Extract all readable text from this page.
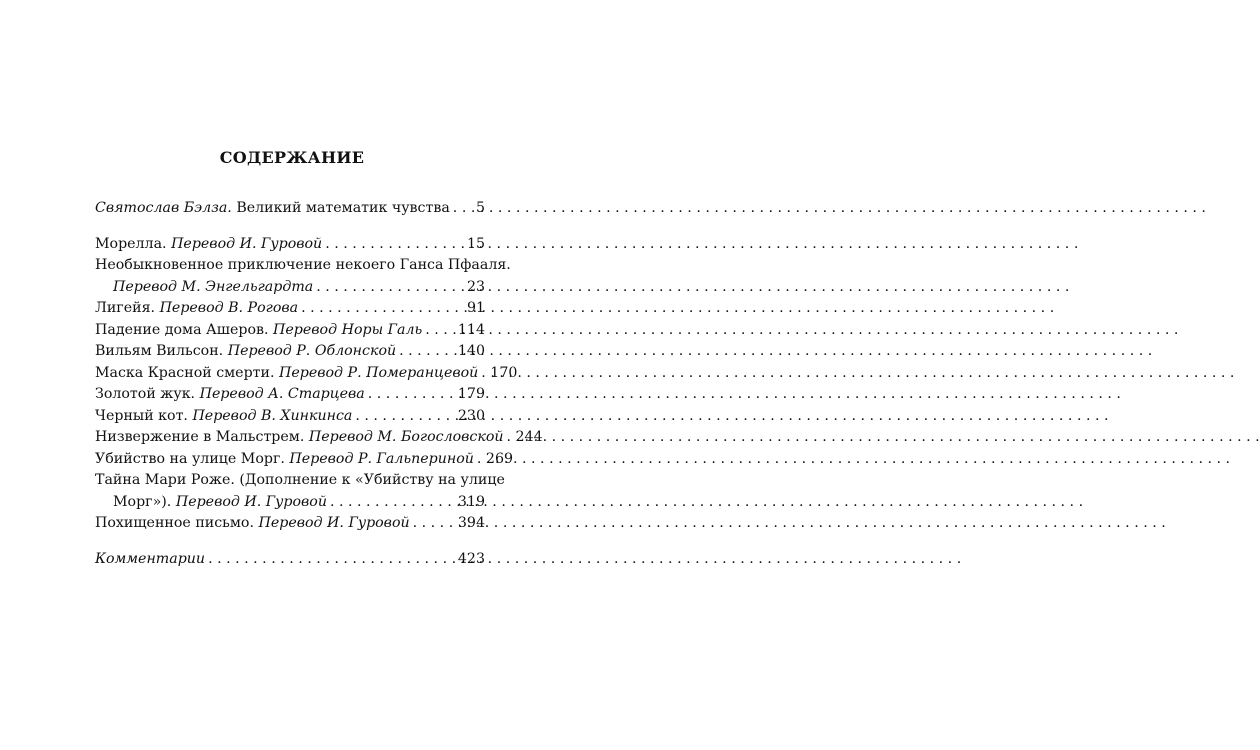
СОДЕРЖАНИЕ
Святослав Бэлза. Великий математик чувства . . . 5
Морелла. Перевод И. Гуровой . . .	15
Необыкновенное приключение некоего Ганса Пфааля.
Перевод М. Энгельгардта . . .	23
Лигейя. Перевод В. Рогова . . .	91
Падение дома Ашеров. Перевод Норы Галь . . .	114
Вильям Вильсон. Перевод Р. Облонской . . .	140
Маска Красной смерти. Перевод Р. Померанцевой . . . 170
Золотой жук. Перевод А. Старцева . . .	179
Черный кот. Перевод В. Хинкинса . . .	230
Низвержение в Мальстрем. Перевод М. Богословской . . . 244
Убийство на улице Морг. Перевод Р. Гальпериной . . . 269
Тайна Мари Роже. (Дополнение к «Убийству на улице
Морг»). Перевод И. Гуровой . . .	319
Похищенное письмо. Перевод И. Гуровой . . .	394
Комментарии . . .	423
